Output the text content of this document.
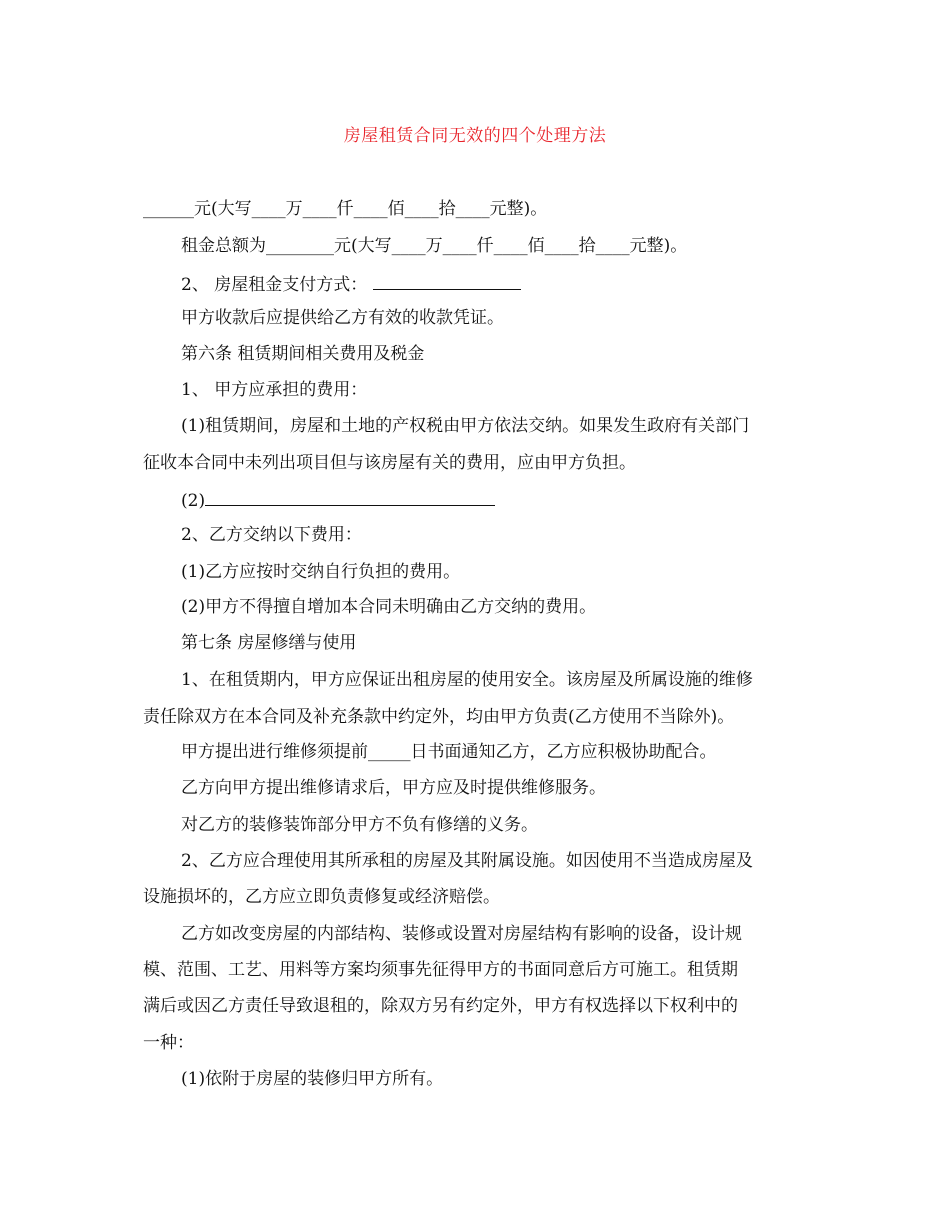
房屋租赁合同无效的四个处理方法
______元(大写____万____仟____佰____拾____元整)。
租金总额为________元(大写____万____仟____佰____拾____元整)。
2、 房屋租金支付方式：
甲方收款后应提供给乙方有效的收款凭证。
第六条 租赁期间相关费用及税金
1、 甲方应承担的费用：
(1)租赁期间，房屋和土地的产权税由甲方依法交纳。如果发生政府有关部门
征收本合同中未列出项目但与该房屋有关的费用，应由甲方负担。
(2)
2、乙方交纳以下费用：
(1)乙方应按时交纳自行负担的费用。
(2)甲方不得擅自增加本合同未明确由乙方交纳的费用。
第七条 房屋修缮与使用
1、在租赁期内，甲方应保证出租房屋的使用安全。该房屋及所属设施的维修
责任除双方在本合同及补充条款中约定外，均由甲方负责(乙方使用不当除外)。
甲方提出进行维修须提前_____日书面通知乙方，乙方应积极协助配合。
乙方向甲方提出维修请求后，甲方应及时提供维修服务。
对乙方的装修装饰部分甲方不负有修缮的义务。
2、乙方应合理使用其所承租的房屋及其附属设施。如因使用不当造成房屋及
设施损坏的，乙方应立即负责修复或经济赔偿。
乙方如改变房屋的内部结构、装修或设置对房屋结构有影响的设备，设计规
模、范围、工艺、用料等方案均须事先征得甲方的书面同意后方可施工。租赁期
满后或因乙方责任导致退租的，除双方另有约定外，甲方有权选择以下权利中的
一种：
(1)依附于房屋的装修归甲方所有。
